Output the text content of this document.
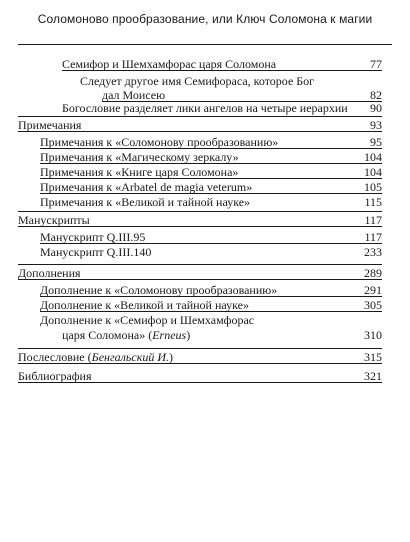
Соломоново прообразование, или Ключ Соломона к магии
Семифор и Шемхамфорас царя Соломона	77
Следует другое имя Семифораса, которое Бог
дал Моисею	82
Богословие разделяет лики ангелов на четыре иерархии 90
Примечания	93
Примечания к «Соломонову прообразованию»	95
Примечания к «Магическому зеркалу»	104
Примечания к «Книге царя Соломона»	104
Примечания к «Arbatel de magia veterum»	105
Примечания к «Великой и тайной науке»	115
Манускрипты	117
Манускрипт Q.III.95	117
Манускрипт Q.III.140	233
Дополнения	289
Дополнение к «Соломонову прообразованию»	291
Дополнение к «Великой и тайной науке»	305
Дополнение к «Семифор и Шемхамфорас
царя Соломона» (Erneus)	310
Послесловие (Бенгальский И.)	315
Библиография	321
